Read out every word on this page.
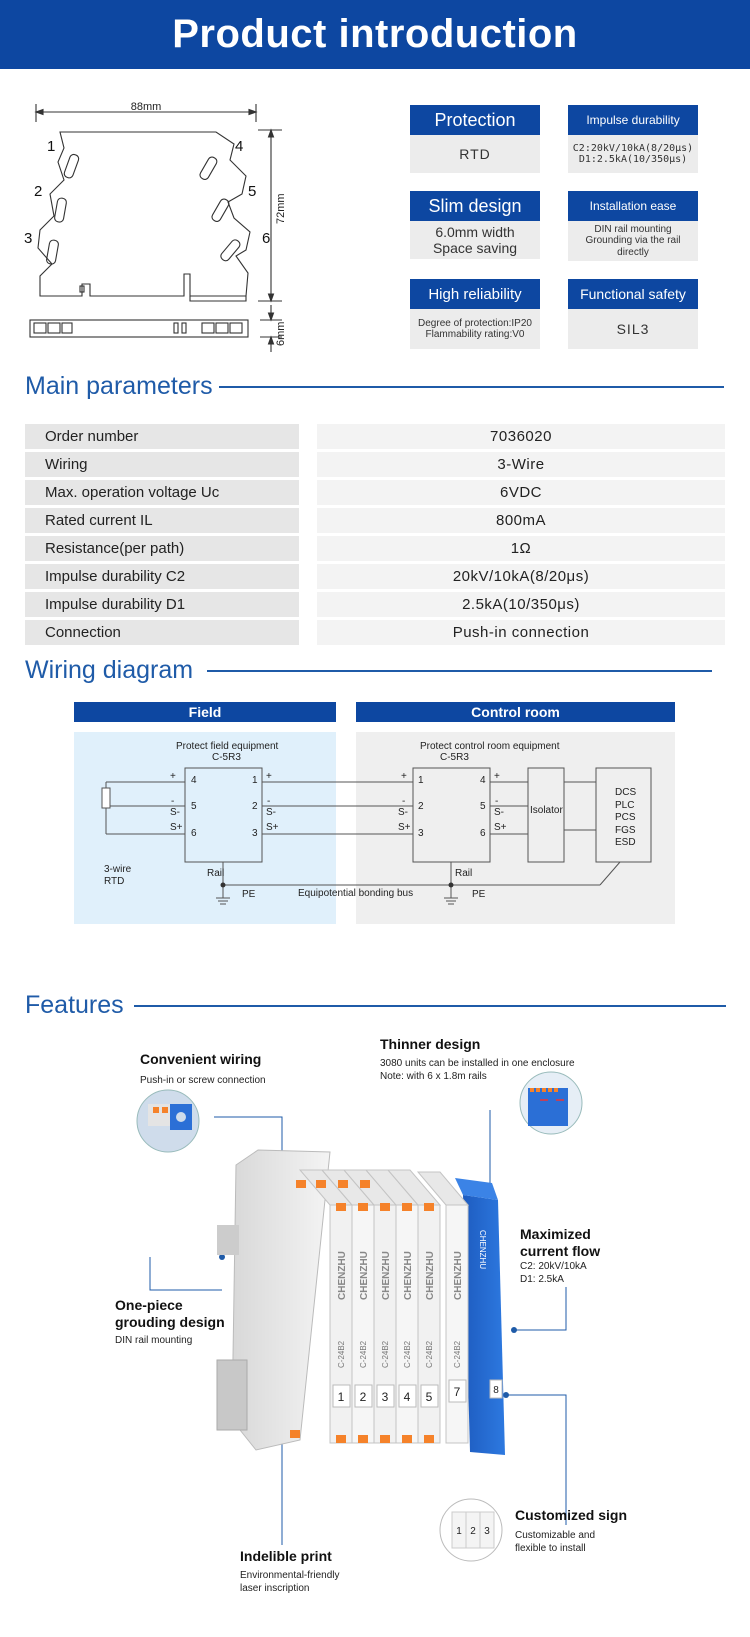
Product introduction
88mm
72mm
6mm
1
2
3
4
5
6
Protection
RTD
Impulse durability
C2:20kV/10kA(8/20μs)
D1:2.5kA(10/350μs)
Slim design
6.0mm width
Space saving
Installation ease
DIN rail mounting
Grounding via the rail
directly
High reliability
Degree of protection:IP20
Flammability rating:V0
Functional safety
SIL3
Main parameters
Order number		7036020
Wiring		3-Wire
Max. operation voltage Uc		6VDC
Rated current IL		800mA
Resistance(per path)		1Ω
Impulse durability C2		20kV/10kA(8/20μs)
Impulse durability D1		2.5kA(10/350μs)
Connection		Push-in connection
Wiring diagram
Field	Control room
Protect field equipment
C-5R3
Protect control room equipment
C-5R3
4
5
6
1
2
3
1
2
3
4
5
6
+
-
S-
S+
+
-
S-
S+
+
-
S-
S+
+
-
S-
S+
Isolator
DCS
PLC
PCS
FGS
ESD
3-wire
RTD
Rail	Rail
PE	PE
Equipotential bonding bus
Features
CHENZHU
CHENZHU CHENZHU CHENZHU CHENZHU CHENZHU CHENZHU
C-24B2 C-24B2 C-24B2 C-24B2 C-24B2 C-24B2
1 2 3 4 5 7	8
1 2 3
Convenient wiring
Push-in or screw connection
Thinner design
3080 units can be installed in one enclosure
Note: with 6 x 1.8m rails
Maximized current flow
C2: 20kV/10kA
D1: 2.5kA
One-piece grouding design
DIN rail mounting
Customized sign
Customizable and
flexible to install
Indelible print
Environmental-friendly
laser inscription
